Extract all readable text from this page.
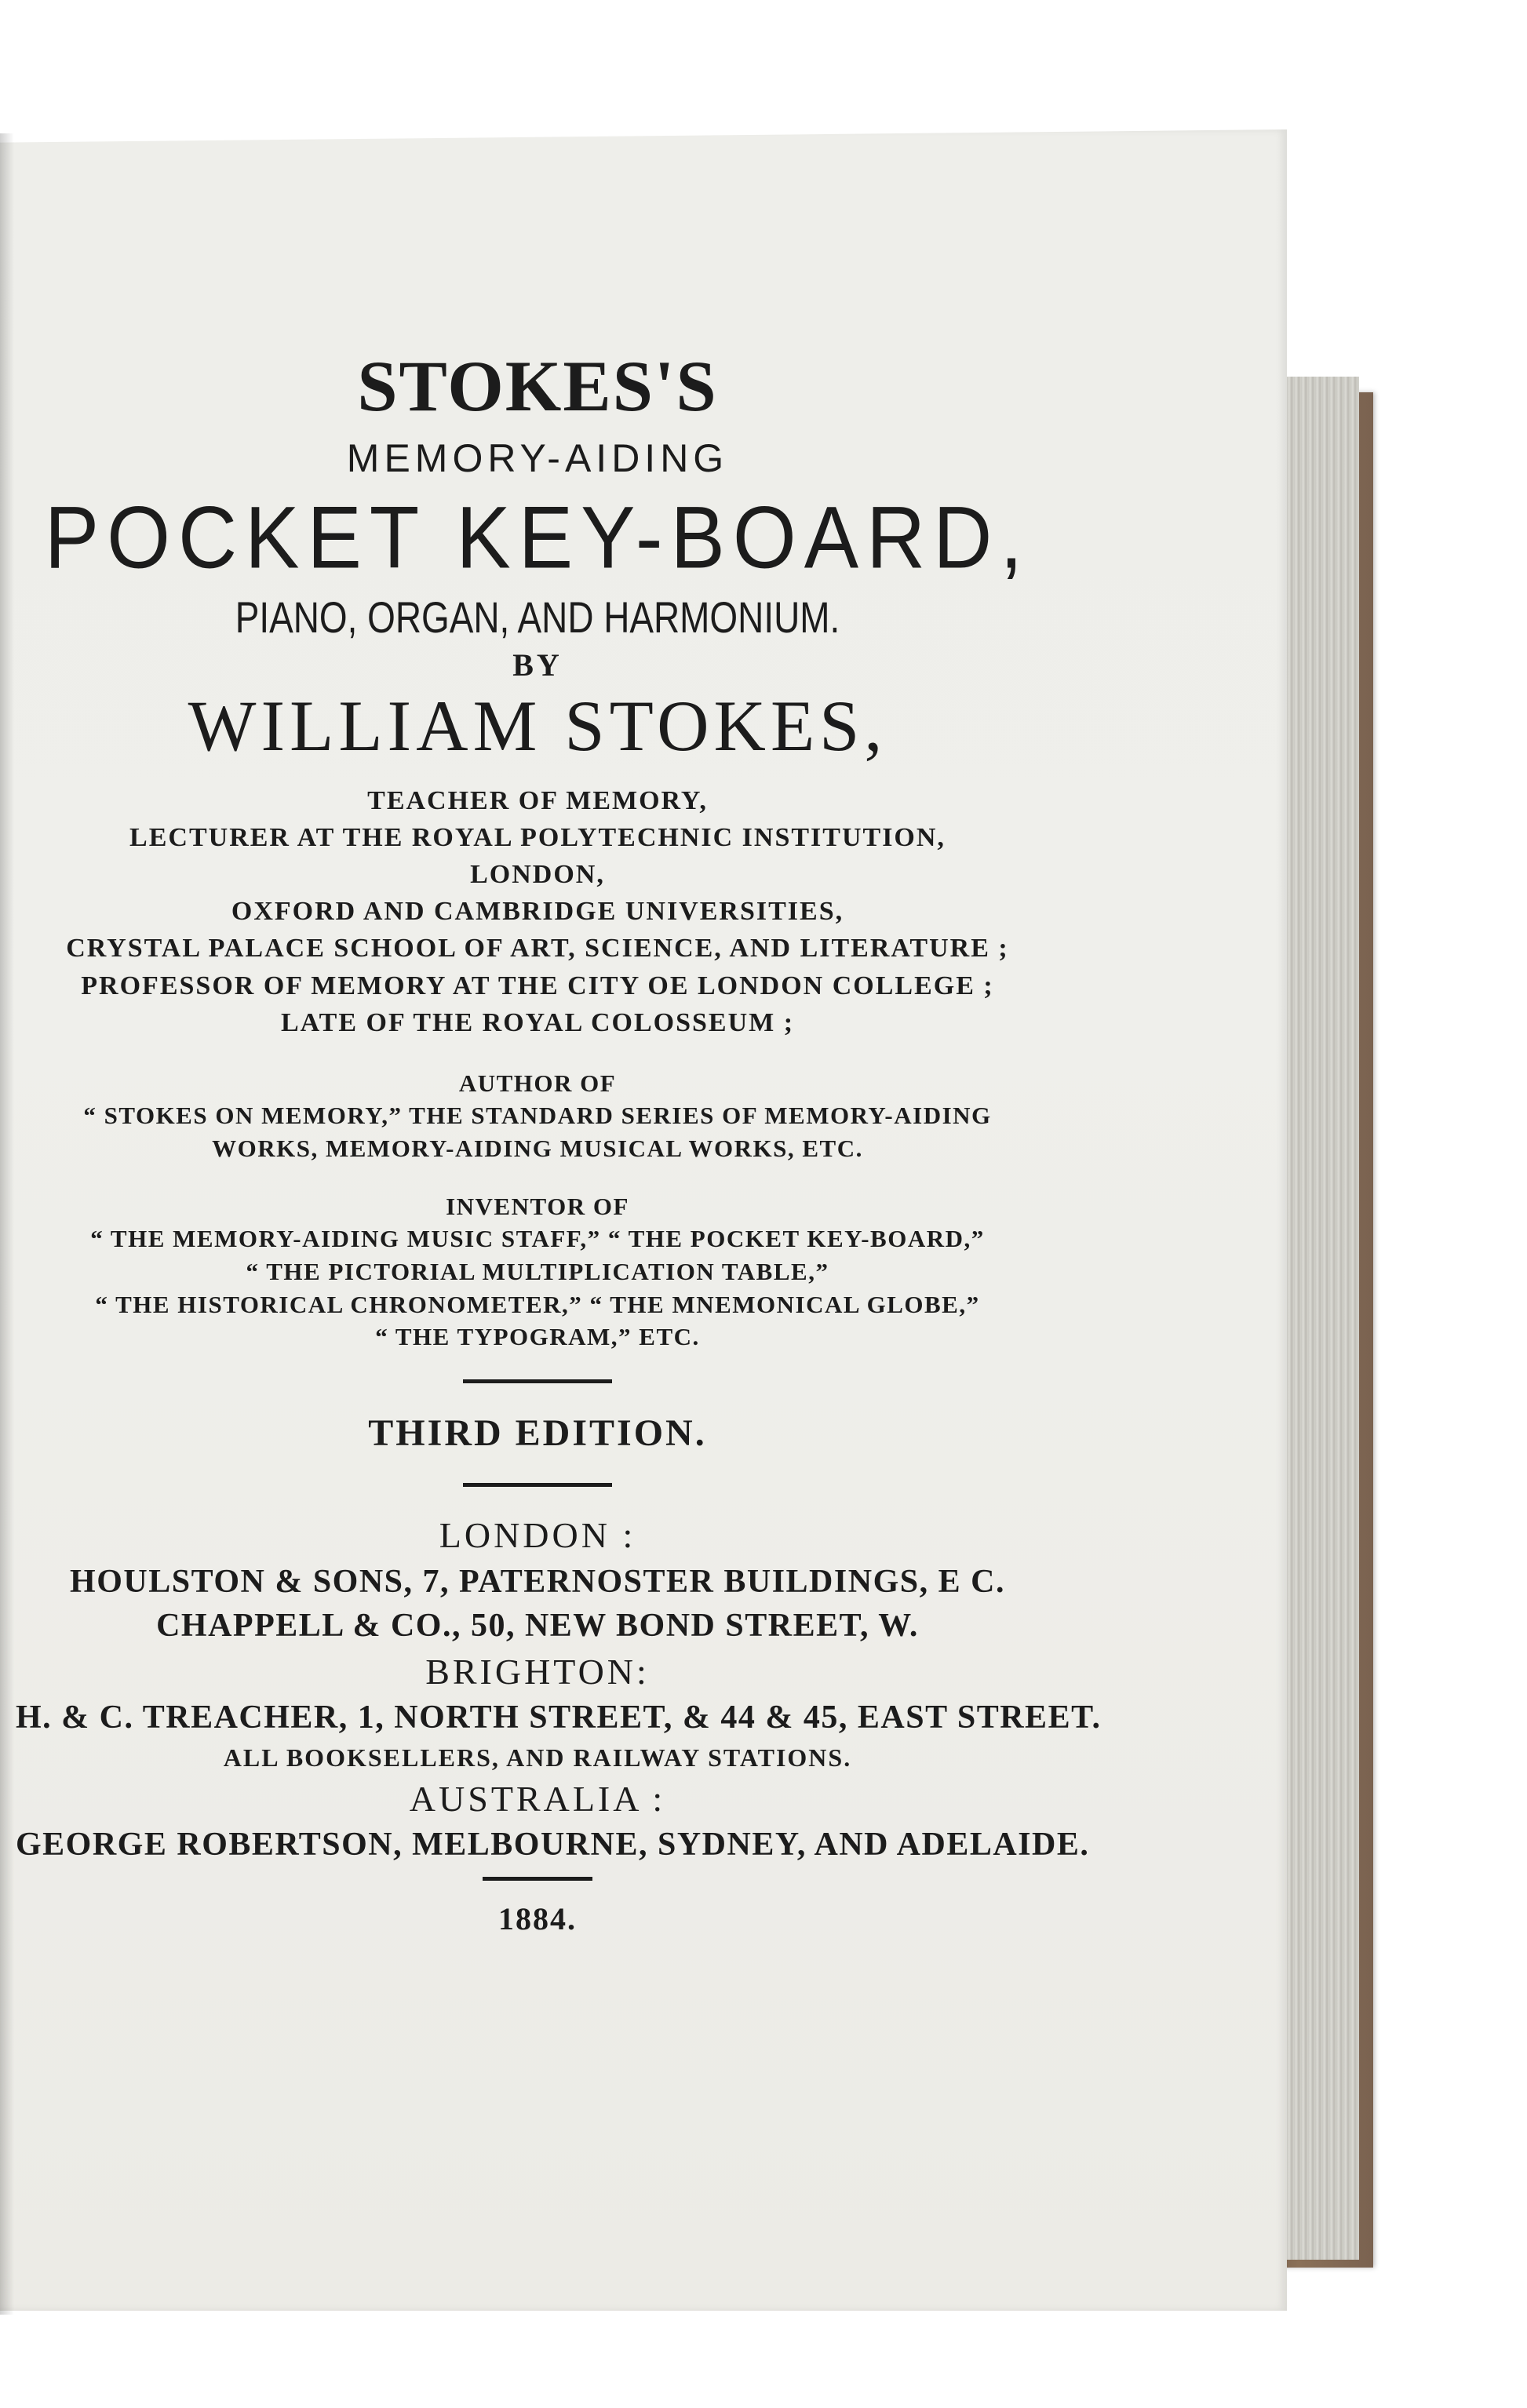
STOKES'S
MEMORY-AIDING
POCKET KEY-BOARD,
PIANO, ORGAN, AND HARMONIUM.
BY
WILLIAM STOKES,
TEACHER OF MEMORY,
LECTURER AT THE ROYAL POLYTECHNIC INSTITUTION,
LONDON,
OXFORD AND CAMBRIDGE UNIVERSITIES,
CRYSTAL PALACE SCHOOL OF ART, SCIENCE, AND LITERATURE ;
PROFESSOR OF MEMORY AT THE CITY OE LONDON COLLEGE ;
LATE OF THE ROYAL COLOSSEUM ;
AUTHOR OF
“ STOKES ON MEMORY,” THE STANDARD SERIES OF MEMORY-AIDING
WORKS, MEMORY-AIDING MUSICAL WORKS, ETC.
INVENTOR OF
“ THE MEMORY-AIDING MUSIC STAFF,” “ THE POCKET KEY-BOARD,”
“ THE PICTORIAL MULTIPLICATION TABLE,”
“ THE HISTORICAL CHRONOMETER,” “ THE MNEMONICAL GLOBE,”
“ THE TYPOGRAM,” ETC.
THIRD EDITION.
LONDON :
HOULSTON & SONS, 7, PATERNOSTER BUILDINGS, E C.
CHAPPELL & CO., 50, NEW BOND STREET, W.
BRIGHTON:
H. & C. TREACHER, 1, NORTH STREET, & 44 & 45, EAST STREET.
ALL BOOKSELLERS, AND RAILWAY STATIONS.
AUSTRALIA :
GEORGE ROBERTSON, MELBOURNE, SYDNEY, AND ADELAIDE.
1884.
